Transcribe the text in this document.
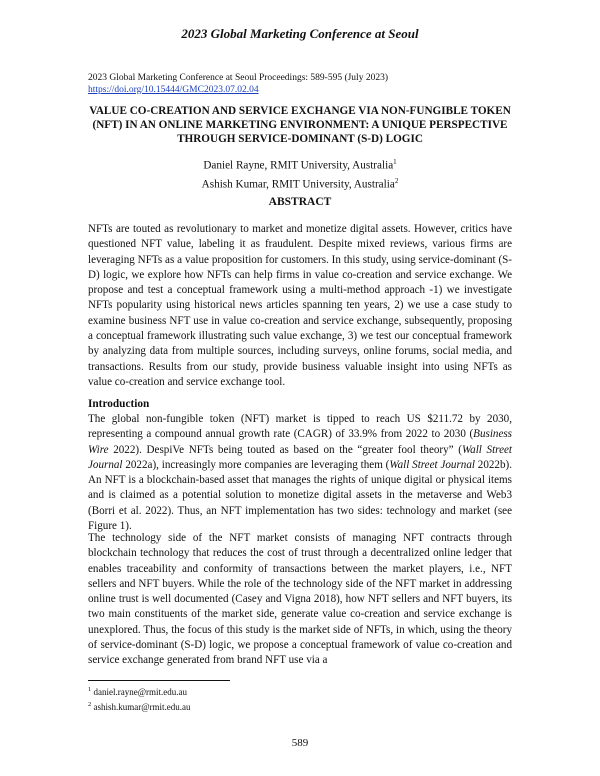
2023 Global Marketing Conference at Seoul
2023 Global Marketing Conference at Seoul Proceedings: 589-595 (July 2023)
https://doi.org/10.15444/GMC2023.07.02.04
VALUE CO-CREATION AND SERVICE EXCHANGE VIA NON-FUNGIBLE TOKEN (NFT) IN AN ONLINE MARKETING ENVIRONMENT: A UNIQUE PERSPECTIVE THROUGH SERVICE-DOMINANT (S-D) LOGIC
Daniel Rayne, RMIT University, Australia$^1$
Ashish Kumar, RMIT University, Australia$^2$
ABSTRACT

NFTs are touted as revolutionary to market and monetize digital assets. However, critics have questioned NFT value, labeling it as fraudulent. Despite mixed reviews, various firms are leveraging NFTs as a value proposition for customers. In this study, using service-dominant (S-D) logic, we explore how NFTs can help firms in value co-creation and service exchange. We propose and test a conceptual framework using a multi-method approach -1) we investigate NFTs popularity using historical news articles spanning ten years, 2) we use a case study to examine business NFT use in value co-creation and service exchange, subsequently, proposing a conceptual framework illustrating such value exchange, 3) we test our conceptual framework by analyzing data from multiple sources, including surveys, online forums, social media, and transactions. Results from our study, provide business valuable insight into using NFTs as value co-creation and service exchange tool.

Introduction

The global non-fungible token (NFT) market is tipped to reach US $211.72 by 2030, representing a compound annual growth rate (CAGR) of 33.9% from 2022 to 2030 (Business Wire 2022). DespiVe NFTs being touted as based on the “greater fool theory” (Wall Street Journal 2022a), increasingly more companies are leveraging them (Wall Street Journal 2022b). An NFT is a blockchain-based asset that manages the rights of unique digital or physical items and is claimed as a potential solution to monetize digital assets in the metaverse and Web3 (Borri et al. 2022). Thus, an NFT implementation has two sides: technology and market (see Figure 1).

The technology side of the NFT market consists of managing NFT contracts through blockchain technology that reduces the cost of trust through a decentralized online ledger that enables traceability and conformity of transactions between the market players, i.e., NFT sellers and NFT buyers. While the role of the technology side of the NFT market in addressing online trust is well documented (Casey and Vigna 2018), how NFT sellers and NFT buyers, its two main constituents of the market side, generate value co-creation and service exchange is unexplored. Thus, the focus of this study is the market side of NFTs, in which, using the theory of service-dominant (S-D) logic, we propose a conceptual framework of value co-creation and service exchange generated from brand NFT use via a

$^1$ daniel.rayne@rmit.edu.au
$^2$ ashish.kumar@rmit.edu.au
589
